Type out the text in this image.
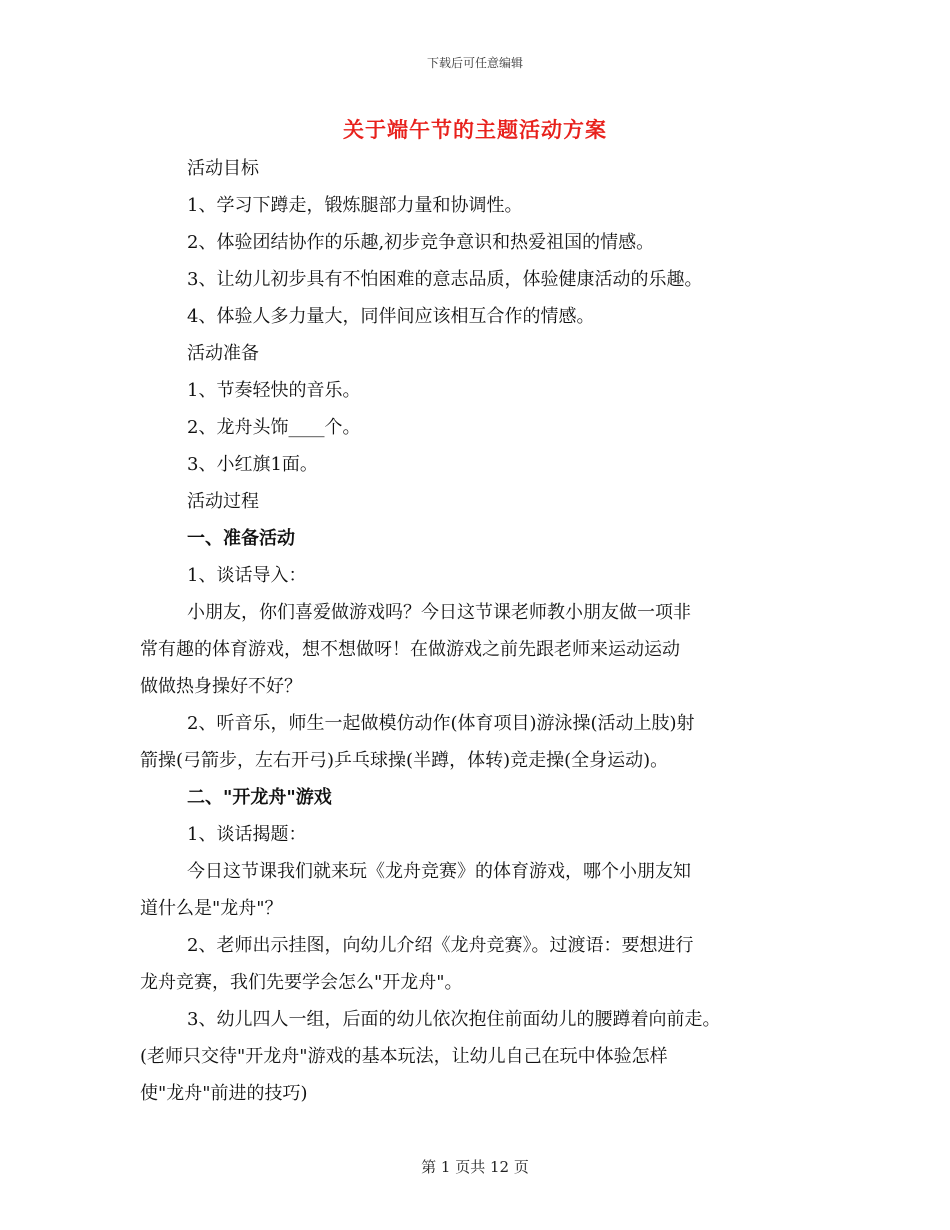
下载后可任意编辑
关于端午节的主题活动方案

活动目标

1、学习下蹲走，锻炼腿部力量和协调性。

2、体验团结协作的乐趣,初步竞争意识和热爱祖国的情感。

3、让幼儿初步具有不怕困难的意志品质，体验健康活动的乐趣。

4、体验人多力量大，同伴间应该相互合作的情感。

活动准备

1、节奏轻快的音乐。

2、龙舟头饰____个。

3、小红旗1面。

活动过程

一、准备活动

1、谈话导入：

小朋友，你们喜爱做游戏吗？今日这节课老师教小朋友做一项非

常有趣的体育游戏，想不想做呀！在做游戏之前先跟老师来运动运动

做做热身操好不好？

2、听音乐，师生一起做模仿动作(体育项目)游泳操(活动上肢)射

箭操(弓箭步，左右开弓)乒乓球操(半蹲，体转)竞走操(全身运动)。

二、"开龙舟"游戏

1、谈话揭题：

今日这节课我们就来玩《龙舟竞赛》的体育游戏，哪个小朋友知

道什么是"龙舟"？

2、老师出示挂图，向幼儿介绍《龙舟竞赛》。过渡语：要想进行

龙舟竞赛，我们先要学会怎么"开龙舟"。

3、幼儿四人一组，后面的幼儿依次抱住前面幼儿的腰蹲着向前走。

(老师只交待"开龙舟"游戏的基本玩法，让幼儿自己在玩中体验怎样

使"龙舟"前进的技巧)

第 1 页共 12 页
